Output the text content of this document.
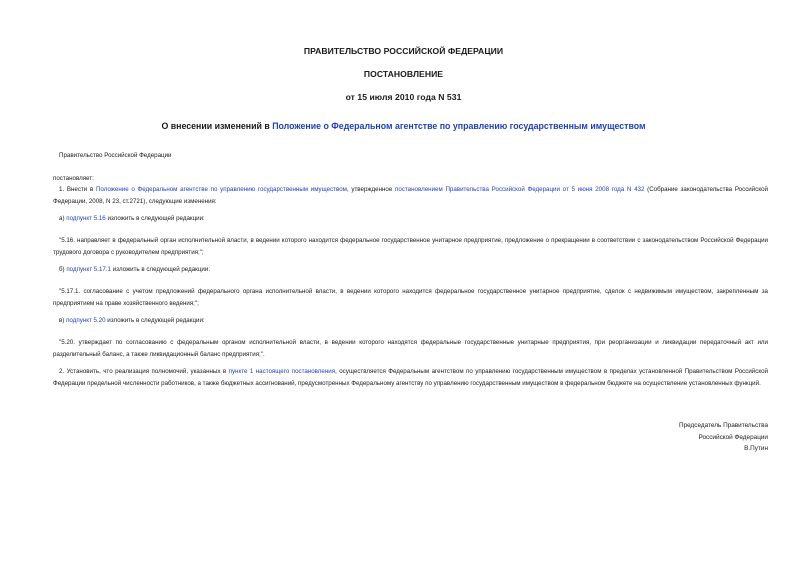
ПРАВИТЕЛЬСТВО РОССИЙСКОЙ ФЕДЕРАЦИИ
ПОСТАНОВЛЕНИЕ
от 15 июля 2010 года N 531
О внесении изменений в Положение о Федеральном агентстве по управлению государственным имуществом

Правительство Российской Федерации

постановляет:

1. Внести в Положение о Федеральном агентстве по управлению государственным имуществом, утвержденное постановлением Правительства Российской Федерации от 5 июня 2008 года N 432 (Собрание законодательства Российской Федерации, 2008, N 23, ст.2721), следующие изменения:

а) подпункт 5.16 изложить в следующей редакции:

"5.16. направляет в федеральный орган исполнительной власти, в ведении которого находится федеральное государственное унитарное предприятие, предложение о прекращении в соответствии с законодательством Российской Федерации трудового договора с руководителем предприятия;";

б) подпункт 5.17.1 изложить в следующей редакции:

"5.17.1. согласование с учетом предложений федерального органа исполнительной власти, в ведении которого находится федеральное государственное унитарное предприятие, сделок с недвижимым имуществом, закрепленным за предприятием на праве хозяйственного ведения;";

в) подпункт 5.20 изложить в следующей редакции:

"5.20. утверждает по согласованию с федеральным органом исполнительной власти, в ведении которого находятся федеральные государственные унитарные предприятия, при реорганизации и ликвидации передаточный акт или разделительный баланс, а также ликвидационный баланс предприятия;".

2. Установить, что реализация полномочий, указанных в пункте 1 настоящего постановления, осуществляется Федеральным агентством по управлению государственным имуществом в пределах установленной Правительством Российской Федерации предельной численности работников, а также бюджетных ассигнований, предусмотренных Федеральному агентству по управлению государственным имуществом в федеральном бюджете на осуществление установленных функций.

Председатель Правительства
Российской Федерации
В.Путин
